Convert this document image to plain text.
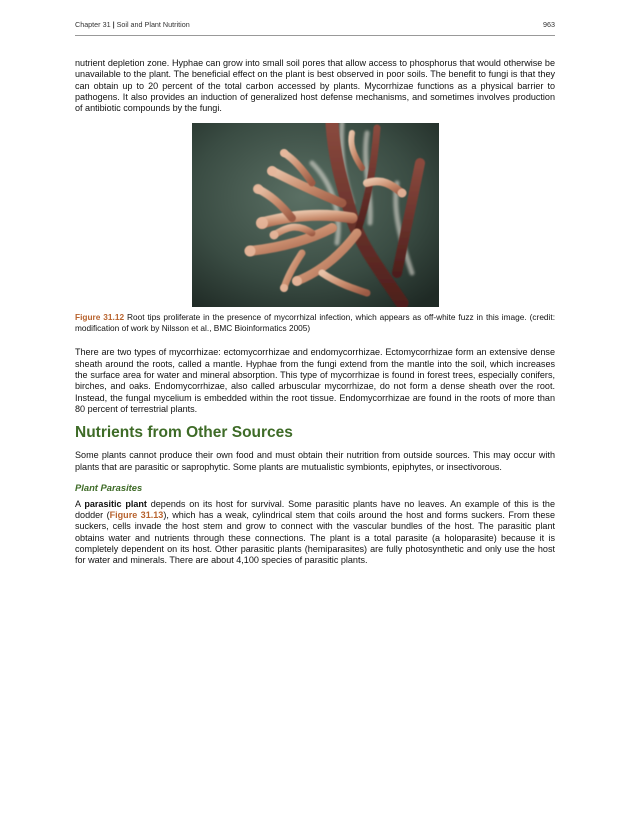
Chapter 31 | Soil and Plant Nutrition	963

nutrient depletion zone. Hyphae can grow into small soil pores that allow access to phosphorus that would otherwise be unavailable to the plant. The beneficial effect on the plant is best observed in poor soils. The benefit to fungi is that they can obtain up to 20 percent of the total carbon accessed by plants. Mycorrhizae functions as a physical barrier to pathogens. It also provides an induction of generalized host defense mechanisms, and sometimes involves production of antibiotic compounds by the fungi.

Figure 31.12 Root tips proliferate in the presence of mycorrhizal infection, which appears as off-white fuzz in this image. (credit: modification of work by Nilsson et al., BMC Bioinformatics 2005)

There are two types of mycorrhizae: ectomycorrhizae and endomycorrhizae. Ectomycorrhizae form an extensive dense sheath around the roots, called a mantle. Hyphae from the fungi extend from the mantle into the soil, which increases the surface area for water and mineral absorption. This type of mycorrhizae is found in forest trees, especially conifers, birches, and oaks. Endomycorrhizae, also called arbuscular mycorrhizae, do not form a dense sheath over the root. Instead, the fungal mycelium is embedded within the root tissue. Endomycorrhizae are found in the roots of more than 80 percent of terrestrial plants.

Nutrients from Other Sources

Some plants cannot produce their own food and must obtain their nutrition from outside sources. This may occur with plants that are parasitic or saprophytic. Some plants are mutualistic symbionts, epiphytes, or insectivorous.

Plant Parasites

A parasitic plant depends on its host for survival. Some parasitic plants have no leaves. An example of this is the dodder (Figure 31.13), which has a weak, cylindrical stem that coils around the host and forms suckers. From these suckers, cells invade the host stem and grow to connect with the vascular bundles of the host. The parasitic plant obtains water and nutrients through these connections. The plant is a total parasite (a holoparasite) because it is completely dependent on its host. Other parasitic plants (hemiparasites) are fully photosynthetic and only use the host for water and minerals. There are about 4,100 species of parasitic plants.
